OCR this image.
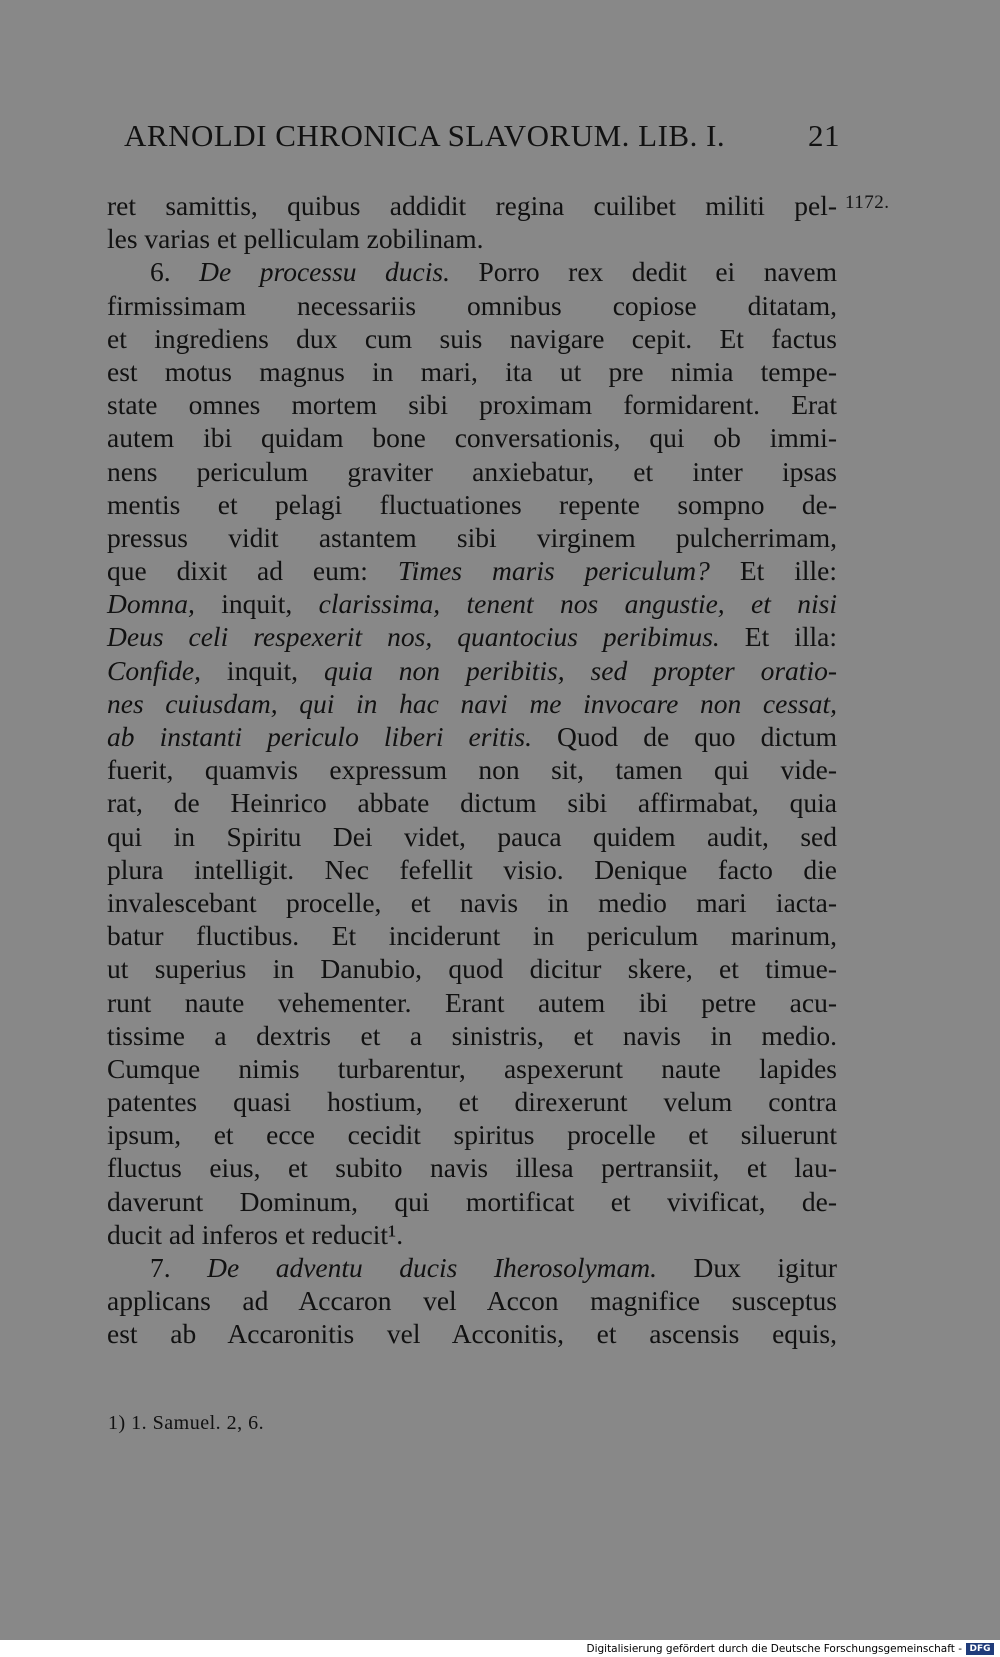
ARNOLDI CHRONICA SLAVORUM. LIB. I.	21
1172.
ret samittis, quibus addidit regina cuilibet militi pel-
les varias et pelliculam zobilinam.
6. De processu ducis. Porro rex dedit ei navem
firmissimam necessariis omnibus copiose ditatam,
et ingrediens dux cum suis navigare cepit. Et factus
est motus magnus in mari, ita ut pre nimia tempe-
state omnes mortem sibi proximam formidarent. Erat
autem ibi quidam bone conversationis, qui ob immi-
nens periculum graviter anxiebatur, et inter ipsas
mentis et pelagi fluctuationes repente sompno de-
pressus vidit astantem sibi virginem pulcherrimam,
que dixit ad eum: Times maris periculum? Et ille:
Domna, inquit, clarissima, tenent nos angustie, et nisi
Deus celi respexerit nos, quantocius peribimus. Et illa:
Confide, inquit, quia non peribitis, sed propter oratio-
nes cuiusdam, qui in hac navi me invocare non cessat,
ab instanti periculo liberi eritis. Quod de quo dictum
fuerit, quamvis expressum non sit, tamen qui vide-
rat, de Heinrico abbate dictum sibi affirmabat, quia
qui in Spiritu Dei videt, pauca quidem audit, sed
plura intelligit. Nec fefellit visio. Denique facto die
invalescebant procelle, et navis in medio mari iacta-
batur fluctibus. Et inciderunt in periculum marinum,
ut superius in Danubio, quod dicitur skere, et timue-
runt naute vehementer. Erant autem ibi petre acu-
tissime a dextris et a sinistris, et navis in medio.
Cumque nimis turbarentur, aspexerunt naute lapides
patentes quasi hostium, et direxerunt velum contra
ipsum, et ecce cecidit spiritus procelle et siluerunt
fluctus eius, et subito navis illesa pertransiit, et lau-
daverunt Dominum, qui mortificat et vivificat, de-
ducit ad inferos et reducit¹.
7. De adventu ducis Iherosolymam. Dux igitur
applicans ad Accaron vel Accon magnifice susceptus
est ab Accaronitis vel Acconitis, et ascensis equis,
1) 1. Samuel. 2, 6.
Digitalisierung gefördert durch die Deutsche Forschungsgemeinschaft - DFG
